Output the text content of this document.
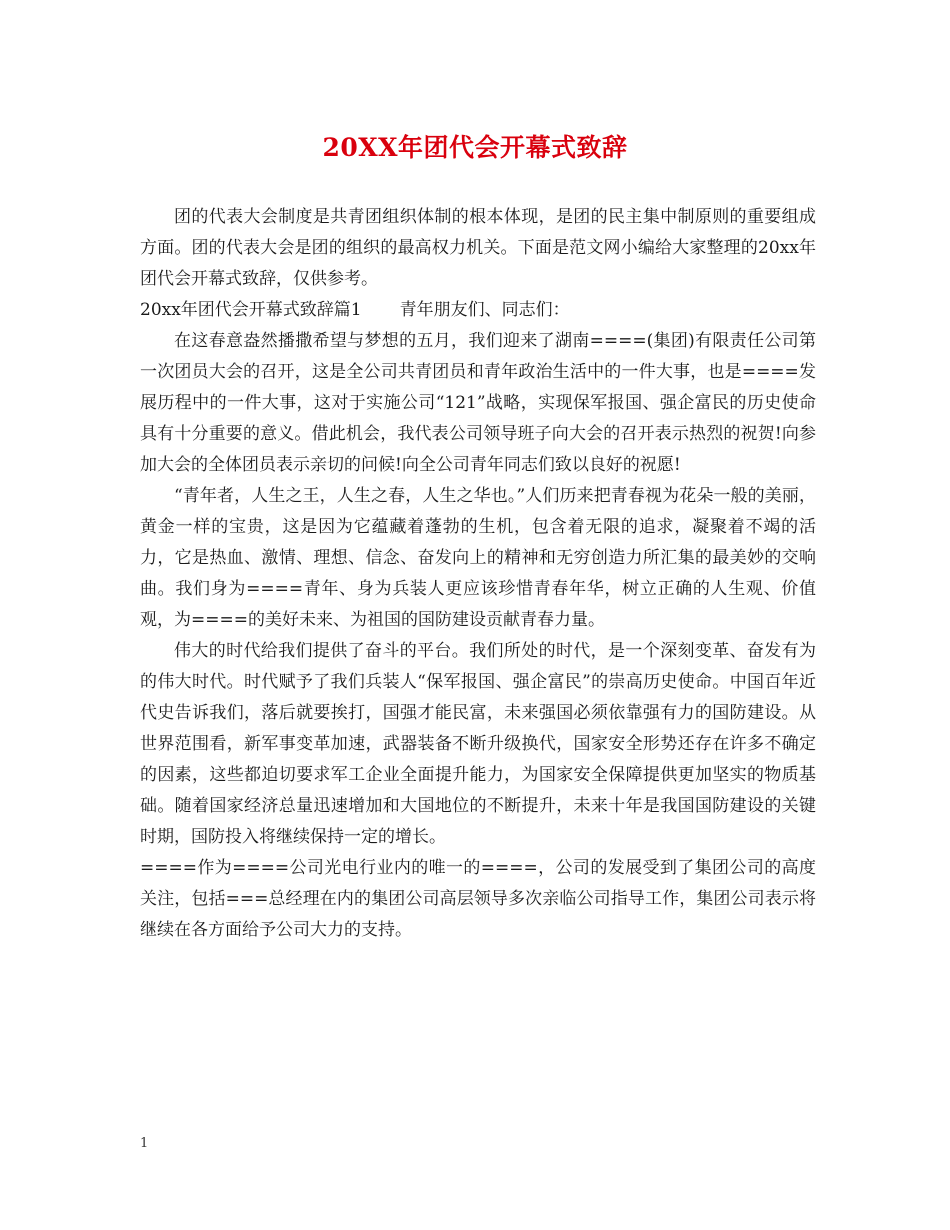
20XX年团代会开幕式致辞

团的代表大会制度是共青团组织体制的根本体现，是团的民主集中制原则的重要组成方面。团的代表大会是团的组织的最高权力机关。下面是范文网小编给大家整理的20xx年团代会开幕式致辞，仅供参考。

20xx年团代会开幕式致辞篇1 青年朋友们、同志们：

在这春意盎然播撒希望与梦想的五月，我们迎来了湖南====(集团)有限责任公司第一次团员大会的召开，这是全公司共青团员和青年政治生活中的一件大事，也是====发展历程中的一件大事，这对于实施公司“121”战略，实现保军报国、强企富民的历史使命具有十分重要的意义。借此机会，我代表公司领导班子向大会的召开表示热烈的祝贺!向参加大会的全体团员表示亲切的问候!向全公司青年同志们致以良好的祝愿!

“青年者，人生之王，人生之春，人生之华也。”人们历来把青春视为花朵一般的美丽，黄金一样的宝贵，这是因为它蕴藏着蓬勃的生机，包含着无限的追求，凝聚着不竭的活力，它是热血、激情、理想、信念、奋发向上的精神和无穷创造力所汇集的最美妙的交响曲。我们身为====青年、身为兵装人更应该珍惜青春年华，树立正确的人生观、价值观，为====的美好未来、为祖国的国防建设贡献青春力量。

伟大的时代给我们提供了奋斗的平台。我们所处的时代，是一个深刻变革、奋发有为的伟大时代。时代赋予了我们兵装人“保军报国、强企富民”的崇高历史使命。中国百年近代史告诉我们，落后就要挨打，国强才能民富，未来强国必须依靠强有力的国防建设。从世界范围看，新军事变革加速，武器装备不断升级换代，国家安全形势还存在许多不确定的因素，这些都迫切要求军工企业全面提升能力，为国家安全保障提供更加坚实的物质基础。随着国家经济总量迅速增加和大国地位的不断提升，未来十年是我国国防建设的关键时期，国防投入将继续保持一定的增长。

====作为====公司光电行业内的唯一的====，公司的发展受到了集团公司的高度关注，包括===总经理在内的集团公司高层领导多次亲临公司指导工作，集团公司表示将继续在各方面给予公司大力的支持。

1
